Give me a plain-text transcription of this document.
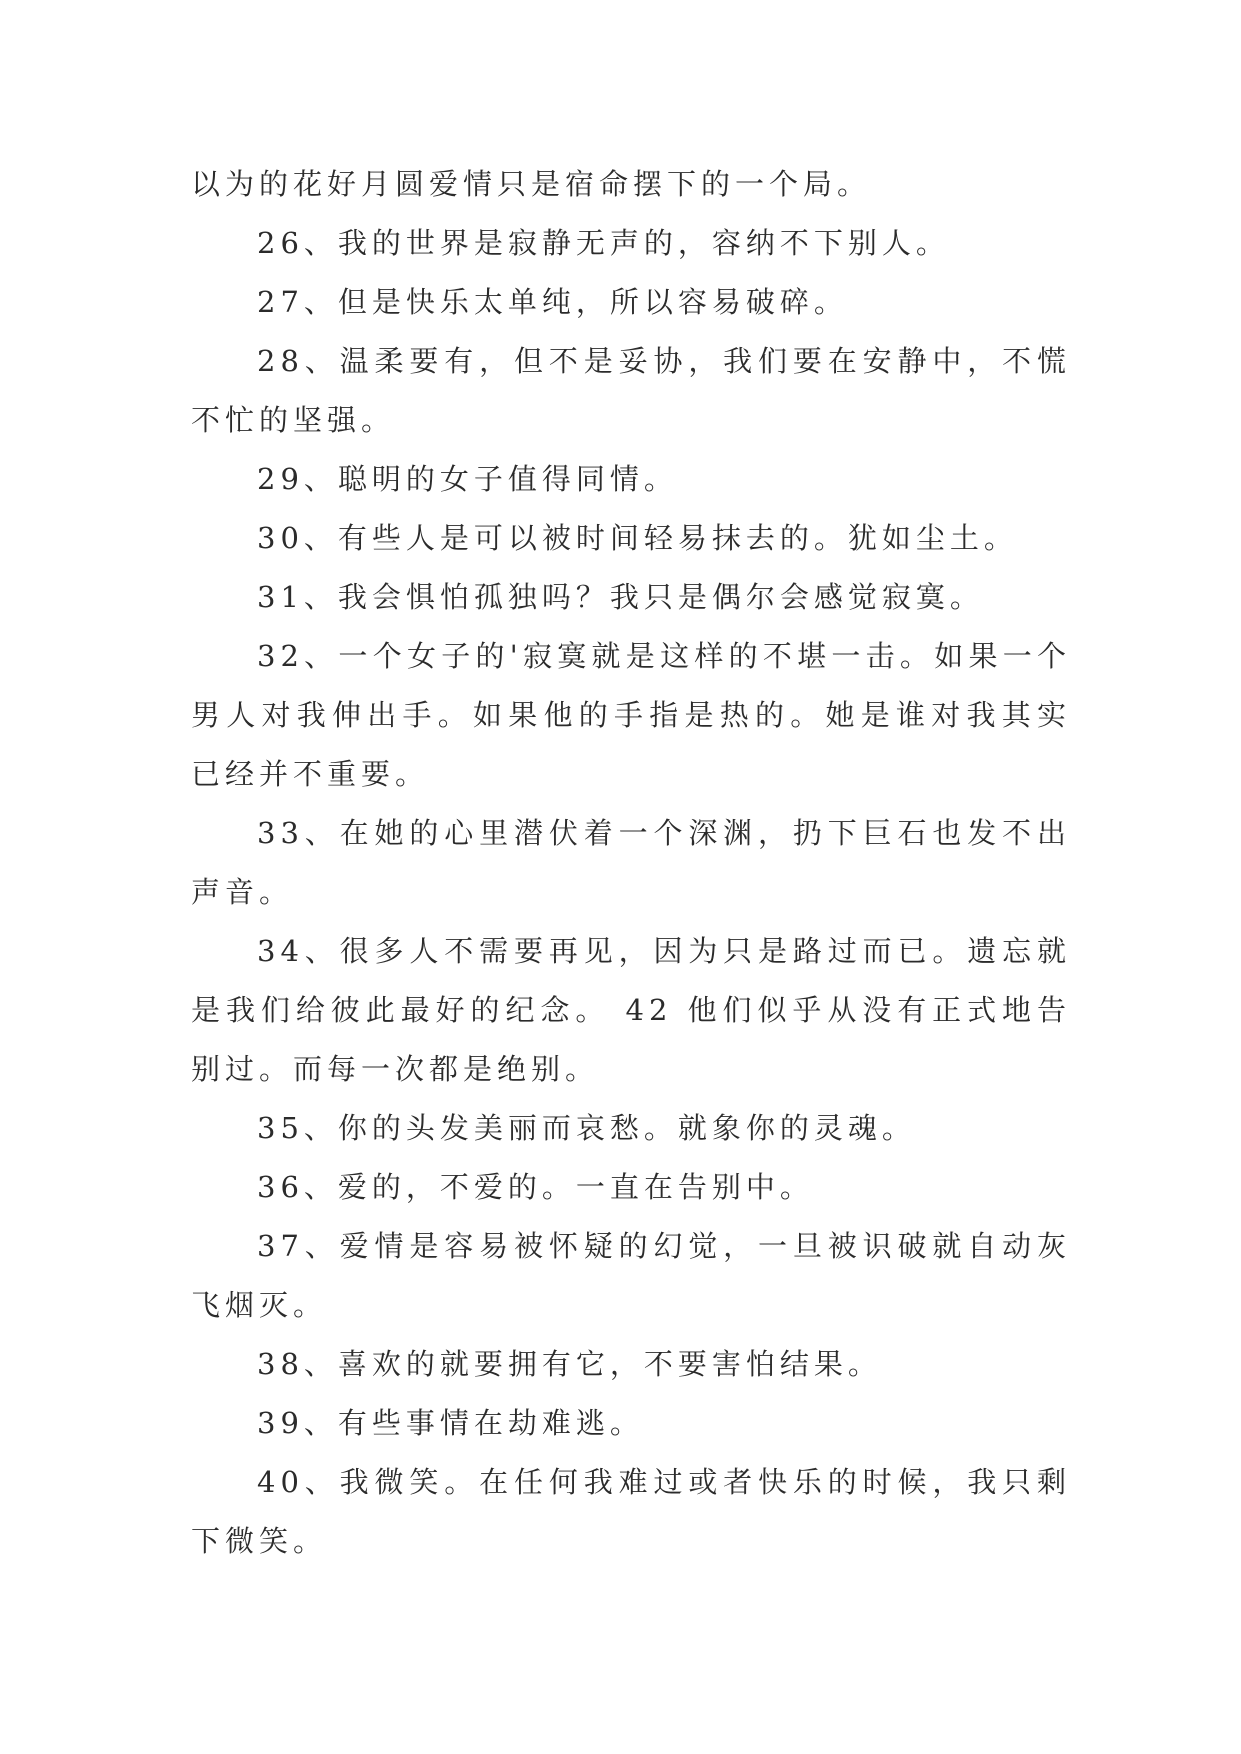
以为的花好月圆爱情只是宿命摆下的一个局。

26、我的世界是寂静无声的，容纳不下别人。

27、但是快乐太单纯，所以容易破碎。

28、温柔要有，但不是妥协，我们要在安静中，不慌不忙的坚强。

29、聪明的女子值得同情。

30、有些人是可以被时间轻易抹去的。犹如尘土。

31、我会惧怕孤独吗？我只是偶尔会感觉寂寞。

32、一个女子的'寂寞就是这样的不堪一击。如果一个男人对我伸出手。如果他的手指是热的。她是谁对我其实已经并不重要。

33、在她的心里潜伏着一个深渊，扔下巨石也发不出声音。

34、很多人不需要再见，因为只是路过而已。遗忘就是我们给彼此最好的纪念。 42 他们似乎从没有正式地告别过。而每一次都是绝别。

35、你的头发美丽而哀愁。就象你的灵魂。

36、爱的，不爱的。一直在告别中。

37、爱情是容易被怀疑的幻觉，一旦被识破就自动灰飞烟灭。

38、喜欢的就要拥有它，不要害怕结果。

39、有些事情在劫难逃。

40、我微笑。在任何我难过或者快乐的时候，我只剩下微笑。
